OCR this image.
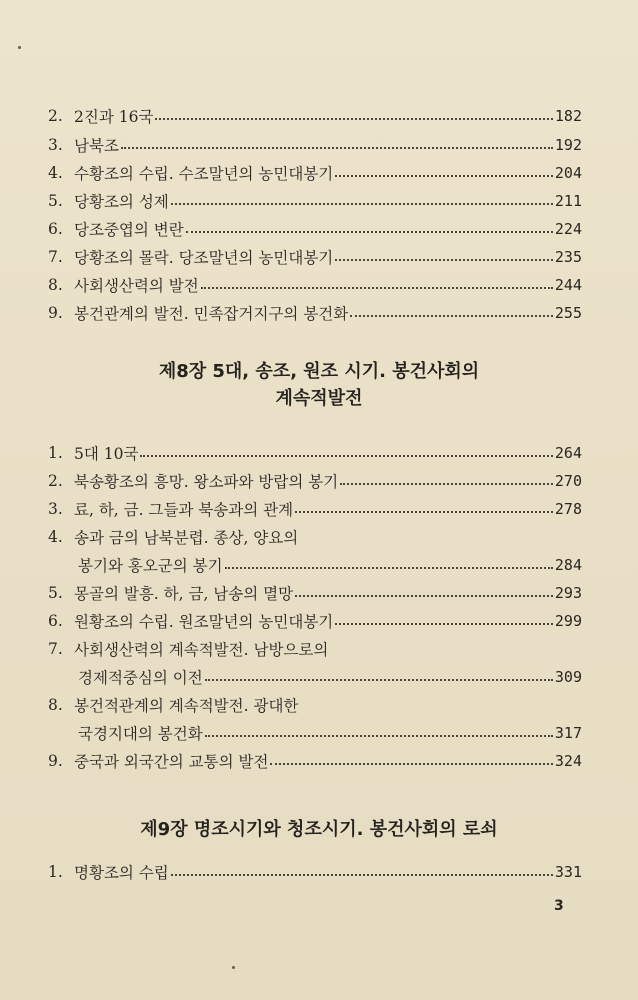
2. 2진과 16국	182
3. 남북조	192
4. 수황조의 수립. 수조말년의 농민대봉기	204
5. 당황조의 성제	211
6. 당조중엽의 변란	224
7. 당황조의 몰락. 당조말년의 농민대봉기	235
8. 사회생산력의 발전	244
9. 봉건관계의 발전. 민족잡거지구의 봉건화	255
제8장 5대, 송조, 원조 시기. 봉건사회의
계속적발전
1. 5대 10국	264
2. 북송황조의 흥망. 왕소파와 방랍의 봉기	270
3. 료, 하, 금. 그들과 북송과의 관계	278
4. 송과 금의 남북분렵. 종상, 양요의
봉기와 홍오군의 봉기	284
5. 몽골의 발흥. 하, 금, 남송의 멸망	293
6. 원황조의 수립. 원조말년의 농민대봉기	299
7. 사회생산력의 계속적발전. 남방으로의
경제적중심의 이전	309
8. 봉건적관계의 계속적발전. 광대한
국경지대의 봉건화	317
9. 중국과 외국간의 교통의 발전	324
제9장 명조시기와 청조시기. 봉건사회의 로쇠
1. 명황조의 수립	331
3
